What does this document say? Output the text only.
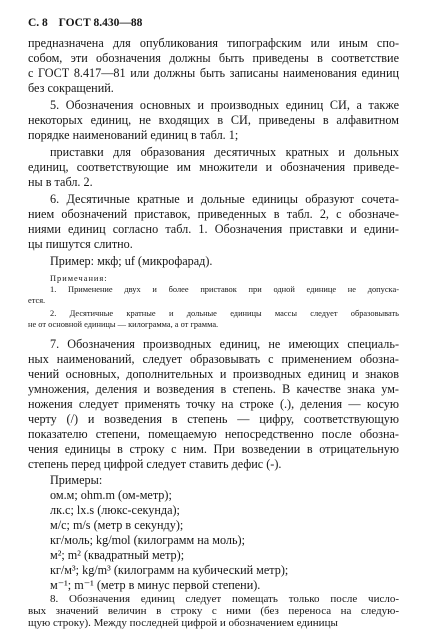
С. 8 ГОСТ 8.430—88
предназначена для опубликования типографским или иным спо-
собом, эти обозначения должны быть приведены в соответствие
с ГОСТ 8.417—81 или должны быть записаны наименования единиц
без сокращений.
5. Обозначения основных и производных единиц СИ, а также
некоторых единиц, не входящих в СИ, приведены в алфавитном
порядке наименований единиц в табл. 1;
приставки для образования десятичных кратных и дольных
единиц, соответствующие им множители и обозначения приведе-
ны в табл. 2.
6. Десятичные кратные и дольные единицы образуют сочета-
нием обозначений приставок, приведенных в табл. 2, с обозначе-
ниями единиц согласно табл. 1. Обозначения приставки и едини-
цы пишутся слитно.
Пример: мкф; uf (микрофарад).
Примечания:
1. Применение двух и более приставок при одной единице не допуска-
ется.
2. Десятичные кратные и дольные единицы массы следует образовывать
не от основной единицы — килограмма, а от грамма.
7. Обозначения производных единиц, не имеющих специаль-
ных наименований, следует образовывать с применением обозна-
чений основных, дополнительных и производных единиц и знаков
умножения, деления и возведения в степень. В качестве знака ум-
ножения следует применять точку на строке (.), деления — косую
черту (/) и возведения в степень — цифру, соответствующую
показателю степени, помещаемую непосредственно после обозна-
чения единицы в строку с ним. При возведении в отрицательную
степень перед цифрой следует ставить дефис (-).
Примеры:
ом.м; ohm.m (ом-метр);
лк.с; lx.s (люкс-секунда);
м/с; m/s (метр в секунду);
кг/моль; kg/mol (килограмм на моль);
м²; m² (квадратный метр);
кг/м³; kg/m³ (килограмм на кубический метр);
м⁻¹; m⁻¹ (метр в минус первой степени).
8. Обозначения единиц следует помещать только после число-
вых значений величин в строку с ними (без переноса на следую-
щую строку). Между последней цифрой и обозначением единицы
